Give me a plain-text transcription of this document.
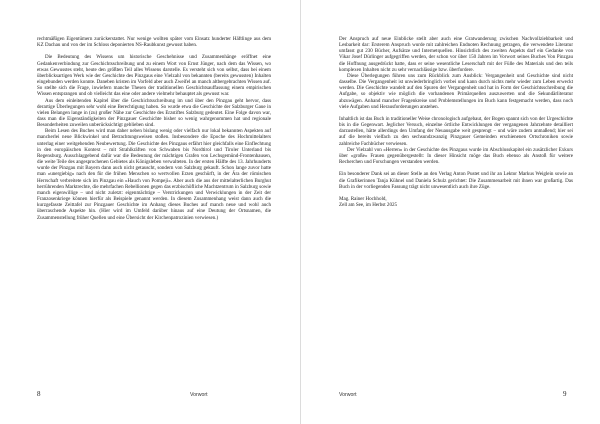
rechtmäßigen Eigentümern zurückerstattet. Nur wenige wollten später vom Einsatz hunderter Häftlinge aus dem KZ Dachau und von der im Schloss deponierten NS-Raubkunst gewusst haben.

Die Bedeutung des Wissens um historische Geschehnisse und Zusammenhänge eröffnet eine Gedankenverbindung zur Geschichtsschreibung und zu einem Wort von Ernst Jünger, nach dem das Wissen, wo etwas Gewusstes steht, heute den größten Teil alles Wissens darstelle. Es versteht sich von selbst, dass bei einem überblicksartigen Werk wie der Geschichte des Pinzgaus eine Vielzahl von bekannten (bereits gewussten) Inhalten eingebunden werden konnte. Daneben kristen im Vorfeld aber auch Zweifel an manch altbergebrachten Wissen auf. So stellte sich die Frage, inwiefern manche Thesen der traditionellen Geschichtsauffassung einem empirischen Wissen entsprangen und ob vielleicht das eine oder andere vielmehr behauptet als gewusst war.

Aus dem einleitenden Kapitel über die Geschichtsschreibung im und über den Pinzgau geht hervor, dass derartige Überlegungen sehr wohl eine Berechtigung haben. So wurde etwa die Geschichte der Salzburger Gaue in vielen Belangen lange in (zu) großer Nähe zur Geschichte des Erzstiftes Salzburg gedeutet. Eine Folge davon war, dass man die Eigenständigkeiten der Pinzgauer Geschichte bisher so wenig wahrgenommen hat und regionale Besonderheiten zuweilen unberücksichtigt geblieben sind.

Beim Lesen des Buches wird man daher neben bislang wenig oder vielfach nur lokal bekannten Aspekten auf mancherlei neue Blickwinkel und Betrachtungsweisen stoßen. Insbesondere die Epoche des Hochmittelalters unterlag einer weitgehenden Neubewertung. Die Geschichte des Pinzgaus erfährt hier gleichfalls eine Einflechtung in den europäischen Kontext – mit Strahlkräften von Schwaben bis Nordtirol und Tiroler Unterland bis Regensburg. Ausschlaggebend dafür war die Bedeutung der mächtigen Grafen von Lechsgemünd-Frontenhausen, die weite Teile des angesprochenen Gebietes als Königsleben verwalteten. In der ersten Hälfte des 13. Jahrhunderts wurde der Pinzgau mit Bayern dann auch nicht getauscht, sondern von Salzburg gekauft. Schon lange zuvor hatte man »unergiebig« nach den für die frühen Menschen so wertvollen Erzen geschürft, in der Ära der römischen Herrschaft verbreitete sich im Pinzgau ein »Hauch von Pompeji«. Aber auch die aus der mittelalterlichen Burghut herrührenden Marktrechte, die mehrfachen Rebellionen gegen das erzbischöfliche Machtzentrum in Salzburg sowie manch eigenwillige – und nicht zuletzt: eigenmächtige – Verstrickungen und Verwicklungen in der Zeit der Franzosenkriege können hierfür als Beispiele genannt werden. In diesem Zusammenhang weist dann auch die kurzgefasste Zeittafel zur Pinzgauer Geschichte im Anhang dieses Buches auf manch neue und wohl auch überraschende Aspekte hin. (Hier wird im Umfeld darüber hinaus auf eine Deutung der Ortsnamen, die Zusammenstellung früher Quellen und eine Übersicht der Kirchenpatrozinien verwiesen.)

8	Vorwort

Der Anspruch auf neue Einblicke stellt aber auch eine Gratwanderung zwischen Nachvollziehbarkeit und Lesbarkeit dar: Ersterem Anspruch wurde mit zahlreichen Endnoten Rechnung getragen, die verwendete Literatur umfasst gut 230 Bücher, Aufsätze und Internetquellen. Hinsichtlich des zweiten Aspekts darf ein Gedanke von Vikar Josef Dürlinger aufgegriffen werden, der schon vor über 150 Jahren im Vorwort seines Buches Von Pinzgau die Hoffnung ausgedrückt hatte, dass er seine wesentliche Leserschaft mit der Fülle des Materials und den teils komplexen Inhalten nicht zu sehr vernachlässige bzw. überfordere.

Diese Überlegungen führen uns zum Rückblick zum Ausblick: Vergangenheit und Geschichte sind nicht dasselbe. Die Vergangenheit ist unwiederbringlich vorbei und kann durch nichts mehr wieder zum Leben erweckt werden. Die Geschichte wandelt auf den Spuren der Vergangenheit und hat in Form der Geschichtsschreibung die Aufgabe, so objektiv wie möglich die vorhandenen Primärquellen auszuwerten und die Sekundärliteratur abzuwägen. Anhand mancher Fragenkreise und Problemstellungen im Buch kann festgemacht werden, dass noch viele Aufgaben und Herausforderungen anstehen.

Inhaltlich ist das Buch in traditioneller Weise chronologisch aufgebaut, der Bogen spannt sich von der Urgeschichte bis in die Gegenwart. Jeglicher Versuch, einzelne örtliche Entwicklungen der vergangenen Jahrzehnte detailliert darzustellen, hätte allerdings den Umfang der Neuausgabe weit gesprengt – und wäre zudem anmaßend; hier sei auf die bereits vielfach zu den sechsundzwanzig Pinzgauer Gemeinden erschienenen Ortschroniken sowie zahlreiche Fachbücher verwiesen.

Der Vielzahl von »Herren« in der Geschichte des Pinzgaus wurde im Abschlusskapitel ein zusätzlicher Exkurs über »große« Frauen gegenübergestellt: In dieser Hinsicht möge das Buch ebenso als Anstoß für weitere Recherchen und Forschungen verstanden werden.

Ein besonderer Dank sei an dieser Stelle an den Verlag Anton Pustet und ihr an Lektor Markus Weiglein sowie an die Grafikerinnen Tanja Kühnel und Daniela Schulz gerichtet: Die Zusammenarbeit mit ihnen war großartig. Das Buch in der vorliegenden Fassung trägt nicht unwesentlich auch ihre Züge.

Mag. Rainer Hochhold,

Zell am See, im Herbst 2025

Vorwort	9
